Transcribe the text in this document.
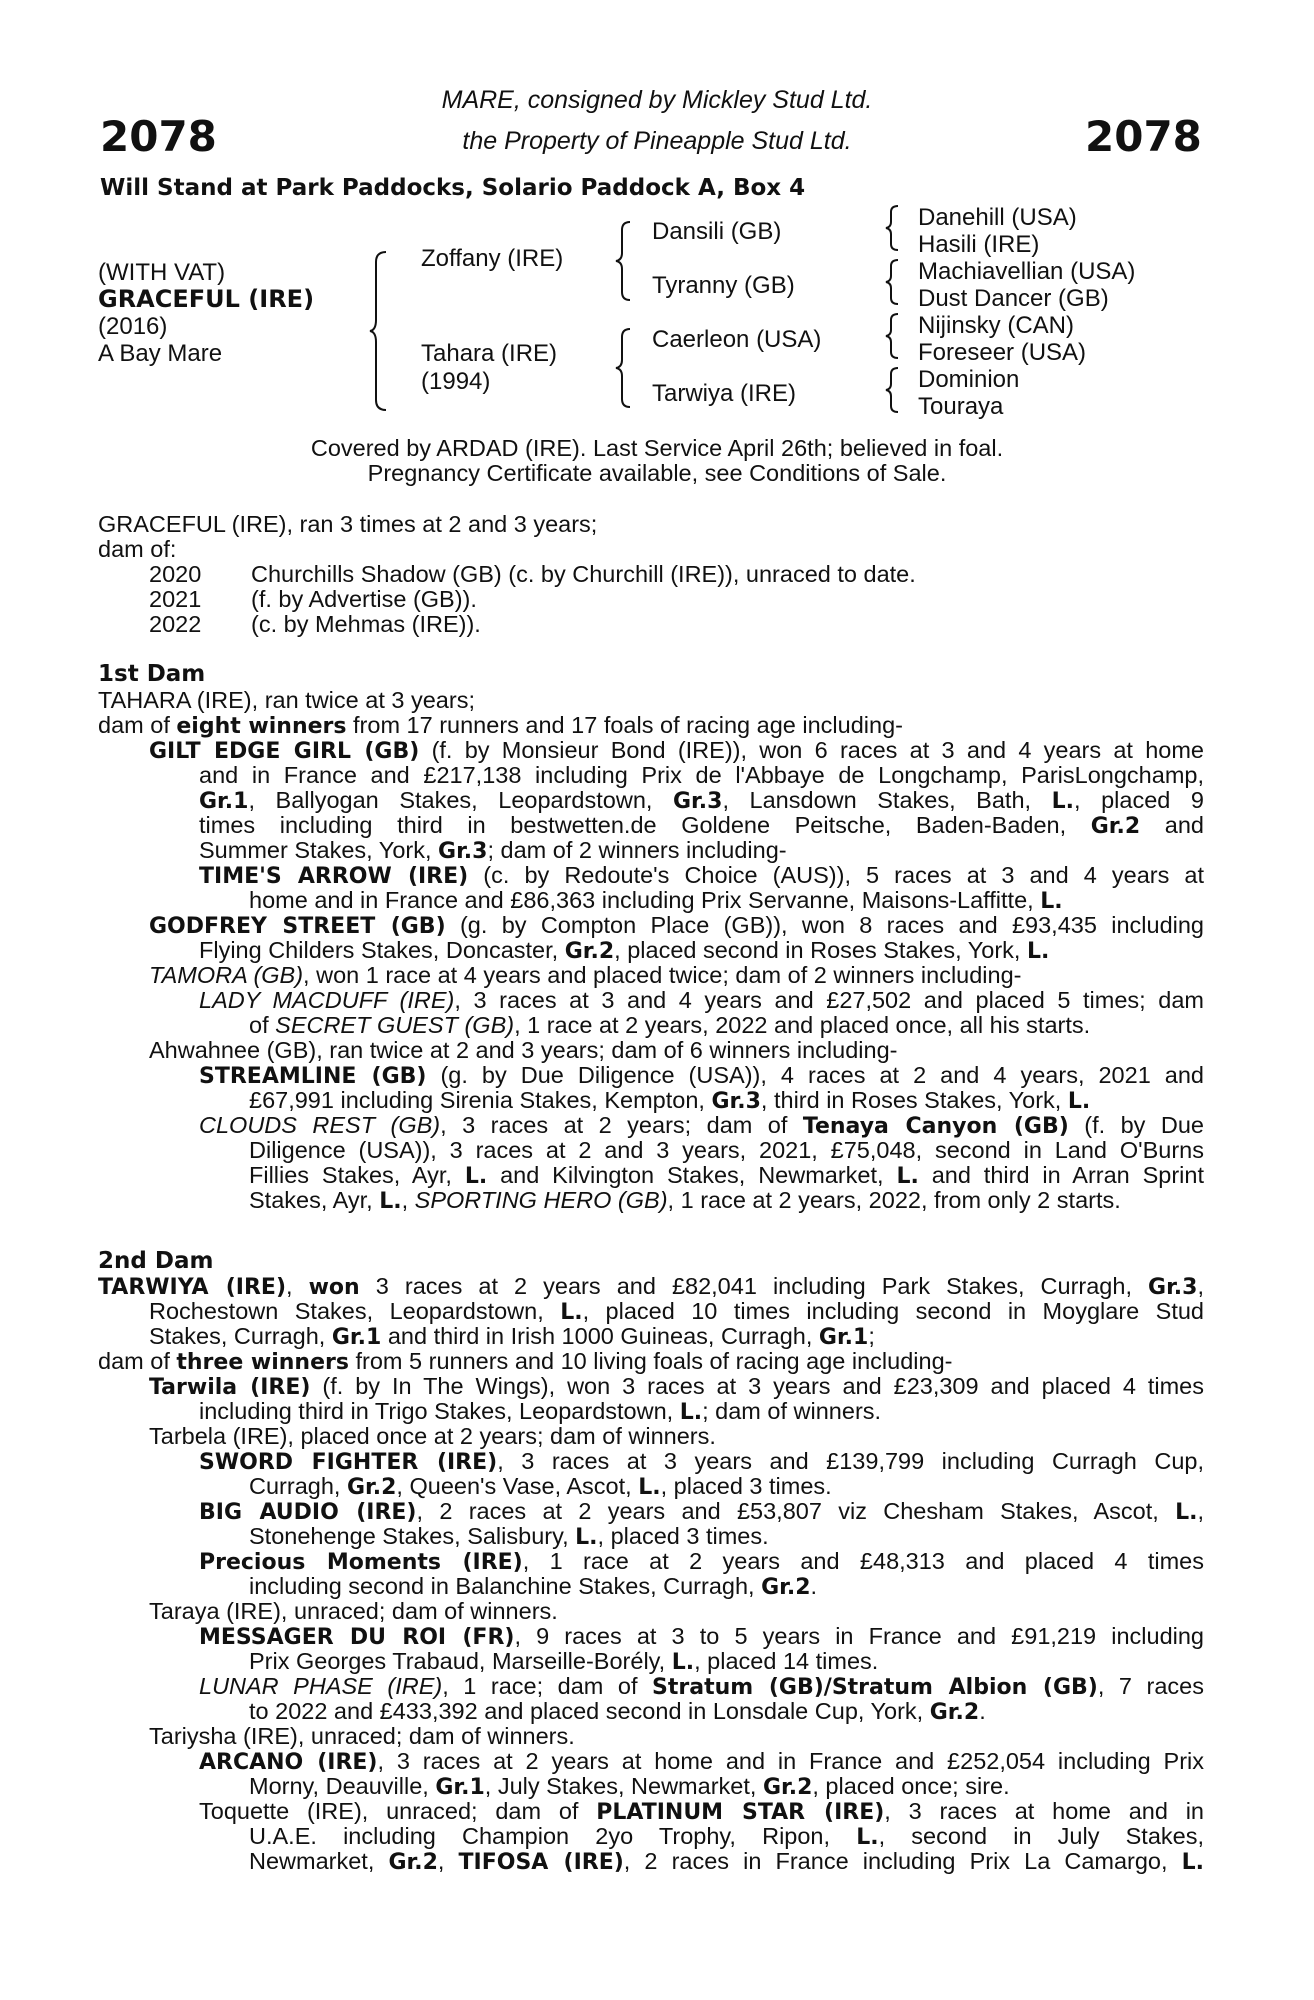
2078	2078
MARE, consigned by Mickley Stud Ltd.
the Property of Pineapple Stud Ltd.
Will Stand at Park Paddocks, Solario Paddock A, Box 4
(WITH VAT)
GRACEFUL (IRE)
(2016)
A Bay Mare
Zoffany (IRE)
Tahara (IRE)
(1994)
Dansili (GB)
Tyranny (GB)
Caerleon (USA)
Tarwiya (IRE)
Danehill (USA)
Hasili (IRE)
Machiavellian (USA)
Dust Dancer (GB)
Nijinsky (CAN)
Foreseer (USA)
Dominion
Touraya
Covered by ARDAD (IRE). Last Service April 26th; believed in foal.
Pregnancy Certificate available, see Conditions of Sale.
GRACEFUL (IRE), ran 3 times at 2 and 3 years;
dam of:
2020 Churchills Shadow (GB) (c. by Churchill (IRE)), unraced to date.
2021 (f. by Advertise (GB)).
2022 (c. by Mehmas (IRE)).
1st Dam
TAHARA (IRE), ran twice at 3 years;
dam of eight winners from 17 runners and 17 foals of racing age including-
GILT EDGE GIRL (GB) (f. by Monsieur Bond (IRE)), won 6 races at 3 and 4 years at home
and in France and £217,138 including Prix de l'Abbaye de Longchamp, ParisLongchamp,
Gr.1, Ballyogan Stakes, Leopardstown, Gr.3, Lansdown Stakes, Bath, L., placed 9
times including third in bestwetten.de Goldene Peitsche, Baden-Baden, Gr.2 and
Summer Stakes, York, Gr.3; dam of 2 winners including-
TIME'S ARROW (IRE) (c. by Redoute's Choice (AUS)), 5 races at 3 and 4 years at
home and in France and £86,363 including Prix Servanne, Maisons-Laffitte, L.
GODFREY STREET (GB) (g. by Compton Place (GB)), won 8 races and £93,435 including
Flying Childers Stakes, Doncaster, Gr.2, placed second in Roses Stakes, York, L.
TAMORA (GB), won 1 race at 4 years and placed twice; dam of 2 winners including-
LADY MACDUFF (IRE), 3 races at 3 and 4 years and £27,502 and placed 5 times; dam
of SECRET GUEST (GB), 1 race at 2 years, 2022 and placed once, all his starts.
Ahwahnee (GB), ran twice at 2 and 3 years; dam of 6 winners including-
STREAMLINE (GB) (g. by Due Diligence (USA)), 4 races at 2 and 4 years, 2021 and
£67,991 including Sirenia Stakes, Kempton, Gr.3, third in Roses Stakes, York, L.
CLOUDS REST (GB), 3 races at 2 years; dam of Tenaya Canyon (GB) (f. by Due
Diligence (USA)), 3 races at 2 and 3 years, 2021, £75,048, second in Land O'Burns
Fillies Stakes, Ayr, L. and Kilvington Stakes, Newmarket, L. and third in Arran Sprint
Stakes, Ayr, L., SPORTING HERO (GB), 1 race at 2 years, 2022, from only 2 starts.
2nd Dam
TARWIYA (IRE), won 3 races at 2 years and £82,041 including Park Stakes, Curragh, Gr.3,
Rochestown Stakes, Leopardstown, L., placed 10 times including second in Moyglare Stud
Stakes, Curragh, Gr.1 and third in Irish 1000 Guineas, Curragh, Gr.1;
dam of three winners from 5 runners and 10 living foals of racing age including-
Tarwila (IRE) (f. by In The Wings), won 3 races at 3 years and £23,309 and placed 4 times
including third in Trigo Stakes, Leopardstown, L.; dam of winners.
Tarbela (IRE), placed once at 2 years; dam of winners.
SWORD FIGHTER (IRE), 3 races at 3 years and £139,799 including Curragh Cup,
Curragh, Gr.2, Queen's Vase, Ascot, L., placed 3 times.
BIG AUDIO (IRE), 2 races at 2 years and £53,807 viz Chesham Stakes, Ascot, L.,
Stonehenge Stakes, Salisbury, L., placed 3 times.
Precious Moments (IRE), 1 race at 2 years and £48,313 and placed 4 times
including second in Balanchine Stakes, Curragh, Gr.2.
Taraya (IRE), unraced; dam of winners.
MESSAGER DU ROI (FR), 9 races at 3 to 5 years in France and £91,219 including
Prix Georges Trabaud, Marseille-Borély, L., placed 14 times.
LUNAR PHASE (IRE), 1 race; dam of Stratum (GB)/Stratum Albion (GB), 7 races
to 2022 and £433,392 and placed second in Lonsdale Cup, York, Gr.2.
Tariysha (IRE), unraced; dam of winners.
ARCANO (IRE), 3 races at 2 years at home and in France and £252,054 including Prix
Morny, Deauville, Gr.1, July Stakes, Newmarket, Gr.2, placed once; sire.
Toquette (IRE), unraced; dam of PLATINUM STAR (IRE), 3 races at home and in
U.A.E. including Champion 2yo Trophy, Ripon, L., second in July Stakes,
Newmarket, Gr.2, TIFOSA (IRE), 2 races in France including Prix La Camargo, L.
